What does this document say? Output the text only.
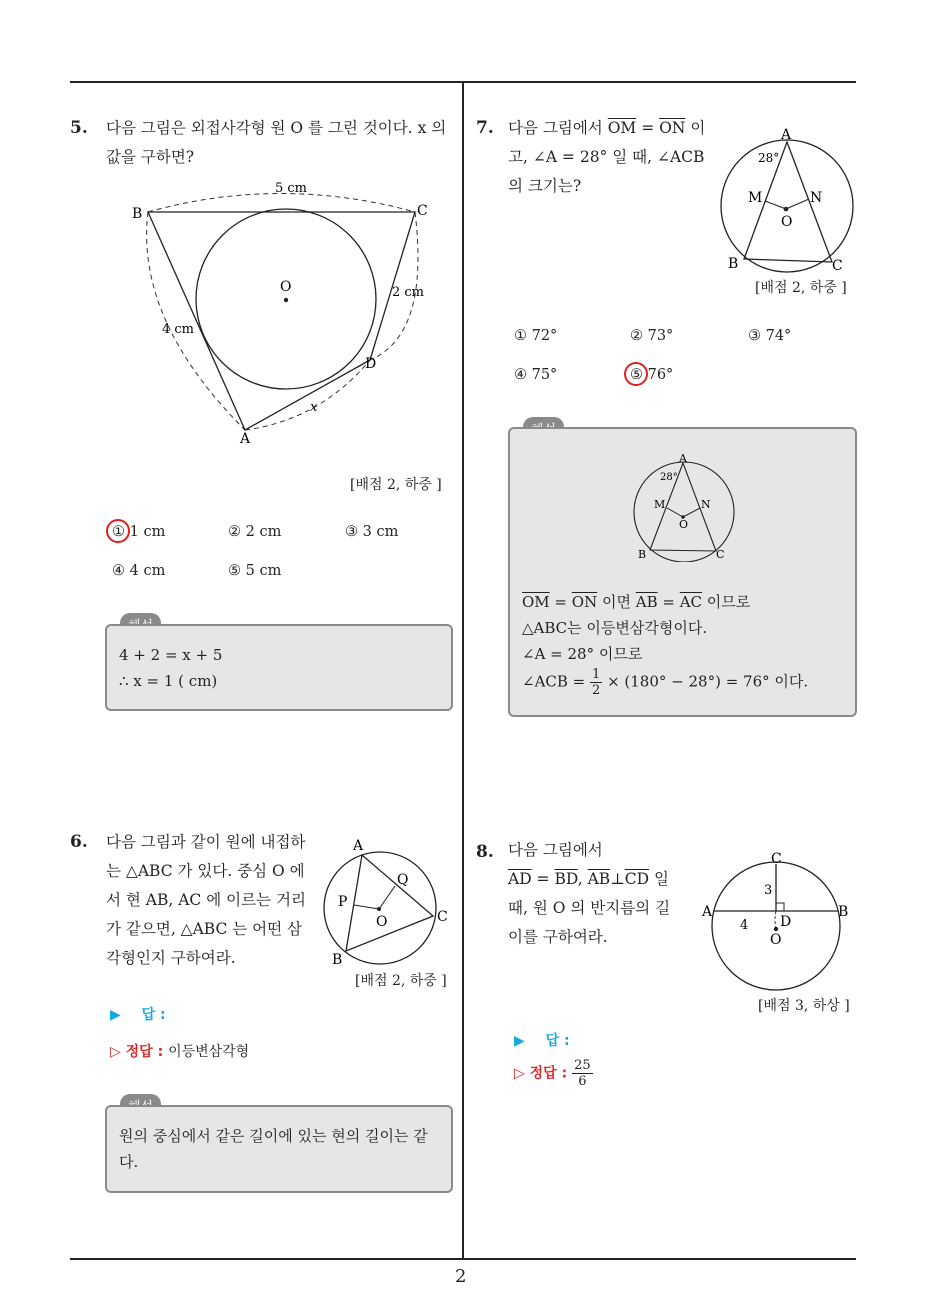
2
5. 다음 그림은 외접사각형 원 O 를 그린 것이다. x 의
값을 구하면?
O
5 cm
B	C
2 cm
4 cm
D
x
A
[배점 2, 하중 ]
① 1 cm	② 2 cm	③ 3 cm
④ 4 cm	⑤ 5 cm
4 + 2 = x + 5
∴ x = 1 ( cm)
6. 다음 그림과 같이 원에 내접하
는 △ABC 가 있다. 중심 O 에
서 현 AB, AC 에 이르는 거리
가 같으면, △ABC 는 어떤 삼
각형인지 구하여라.
A
B
C
P
Q
O
[배점 2, 하중 ]
▶ 답 :
▷ 정답 : 이등변삼각형
원의 중심에서 같은 길이에 있는 현의 길이는 같
다.
7. 다음 그림에서 $\overline{OM} = \overline{ON}$ 이
고, ∠A = 28° 일 때, ∠ACB
의 크기는?
A
28°
M	N
O
B	C
[배점 2, 하중 ]
① 72°	② 73°	③ 74°
④ 75°	⑤ 76°
$\overline{OM} = \overline{ON}$ 이면 $\overline{AB} = \overline{AC}$ 이므로
△ABC는 이등변삼각형이다.
∠A = 28° 이므로
∠ACB = $\frac{1}{2} \times (180^\circ - 28^\circ) = 76^\circ$ 이다.
A
28°
M	N
O
B	C
8. 다음 그림에서
$\overline{AD} = \overline{BD}$, $\overline{AB}\perp\overline{CD}$ 일
때, 원 O 의 반지름의 길
이를 구하여라.
C
A	B
D
O
3
4
[배점 3, 하상 ]
▶ 답 :
▷ 정답 : $\frac{25}{6}$
